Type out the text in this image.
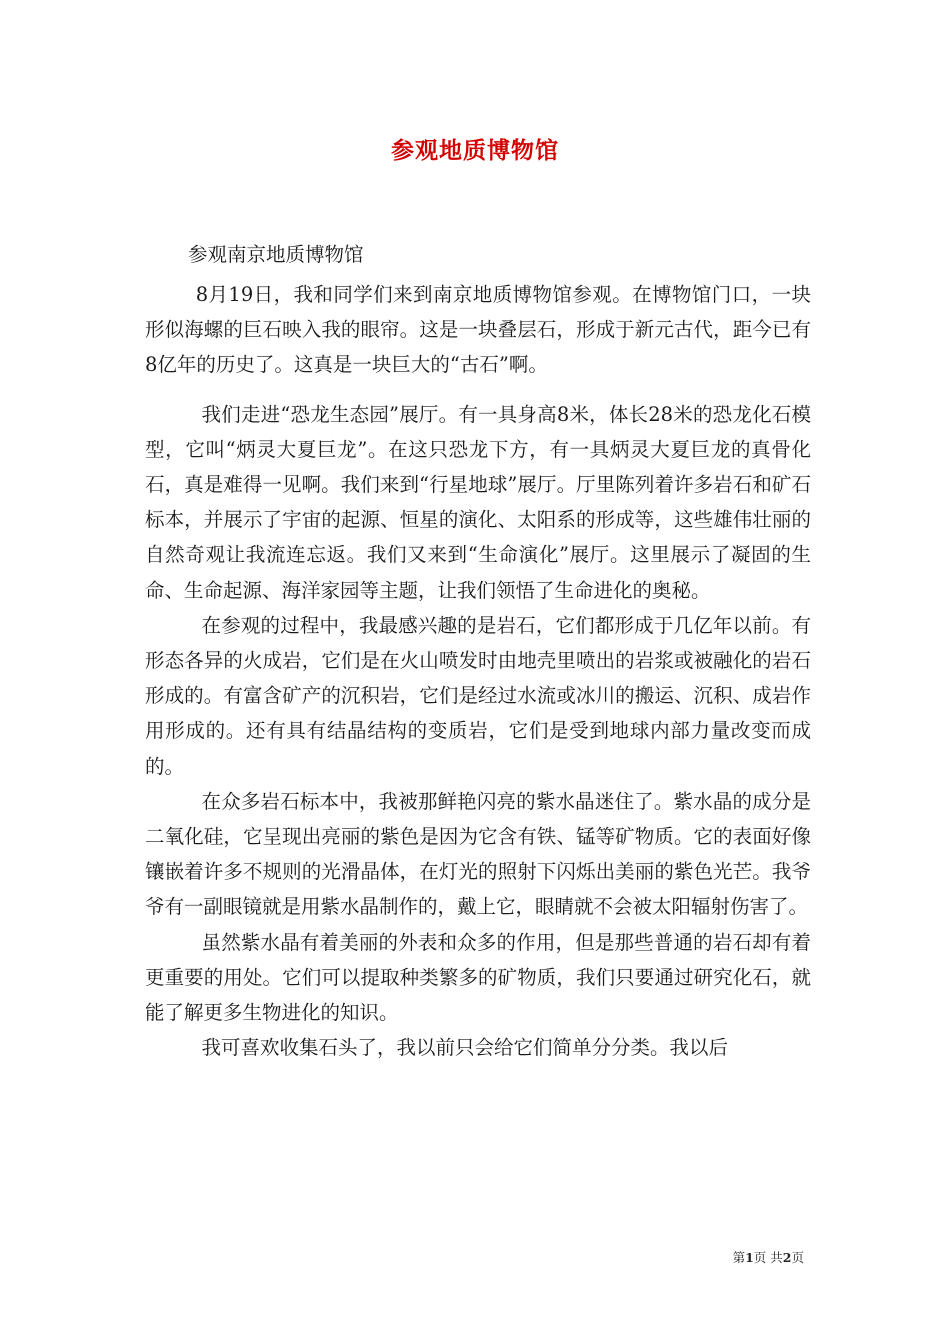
参观地质博物馆
参观南京地质博物馆

8月19日，我和同学们来到南京地质博物馆参观。在博物馆门口，一块形似海螺的巨石映入我的眼帘。这是一块叠层石，形成于新元古代，距今已有8亿年的历史了。这真是一块巨大的“古石”啊。

我们走进“恐龙生态园”展厅。有一具身高8米，体长28米的恐龙化石模型，它叫“炳灵大夏巨龙”。在这只恐龙下方，有一具炳灵大夏巨龙的真骨化石，真是难得一见啊。我们来到“行星地球”展厅。厅里陈列着许多岩石和矿石标本，并展示了宇宙的起源、恒星的演化、太阳系的形成等，这些雄伟壮丽的自然奇观让我流连忘返。我们又来到“生命演化”展厅。这里展示了凝固的生命、生命起源、海洋家园等主题，让我们领悟了生命进化的奥秘。

在参观的过程中，我最感兴趣的是岩石，它们都形成于几亿年以前。有形态各异的火成岩，它们是在火山喷发时由地壳里喷出的岩浆或被融化的岩石形成的。有富含矿产的沉积岩，它们是经过水流或冰川的搬运、沉积、成岩作用形成的。还有具有结晶结构的变质岩，它们是受到地球内部力量改变而成的。

在众多岩石标本中，我被那鲜艳闪亮的紫水晶迷住了。紫水晶的成分是二氧化硅，它呈现出亮丽的紫色是因为它含有铁、锰等矿物质。它的表面好像镶嵌着许多不规则的光滑晶体，在灯光的照射下闪烁出美丽的紫色光芒。我爷爷有一副眼镜就是用紫水晶制作的，戴上它，眼睛就不会被太阳辐射伤害了。

虽然紫水晶有着美丽的外表和众多的作用，但是那些普通的岩石却有着更重要的用处。它们可以提取种类繁多的矿物质，我们只要通过研究化石，就能了解更多生物进化的知识。

我可喜欢收集石头了，我以前只会给它们简单分分类。我以后

第1页 共2页
